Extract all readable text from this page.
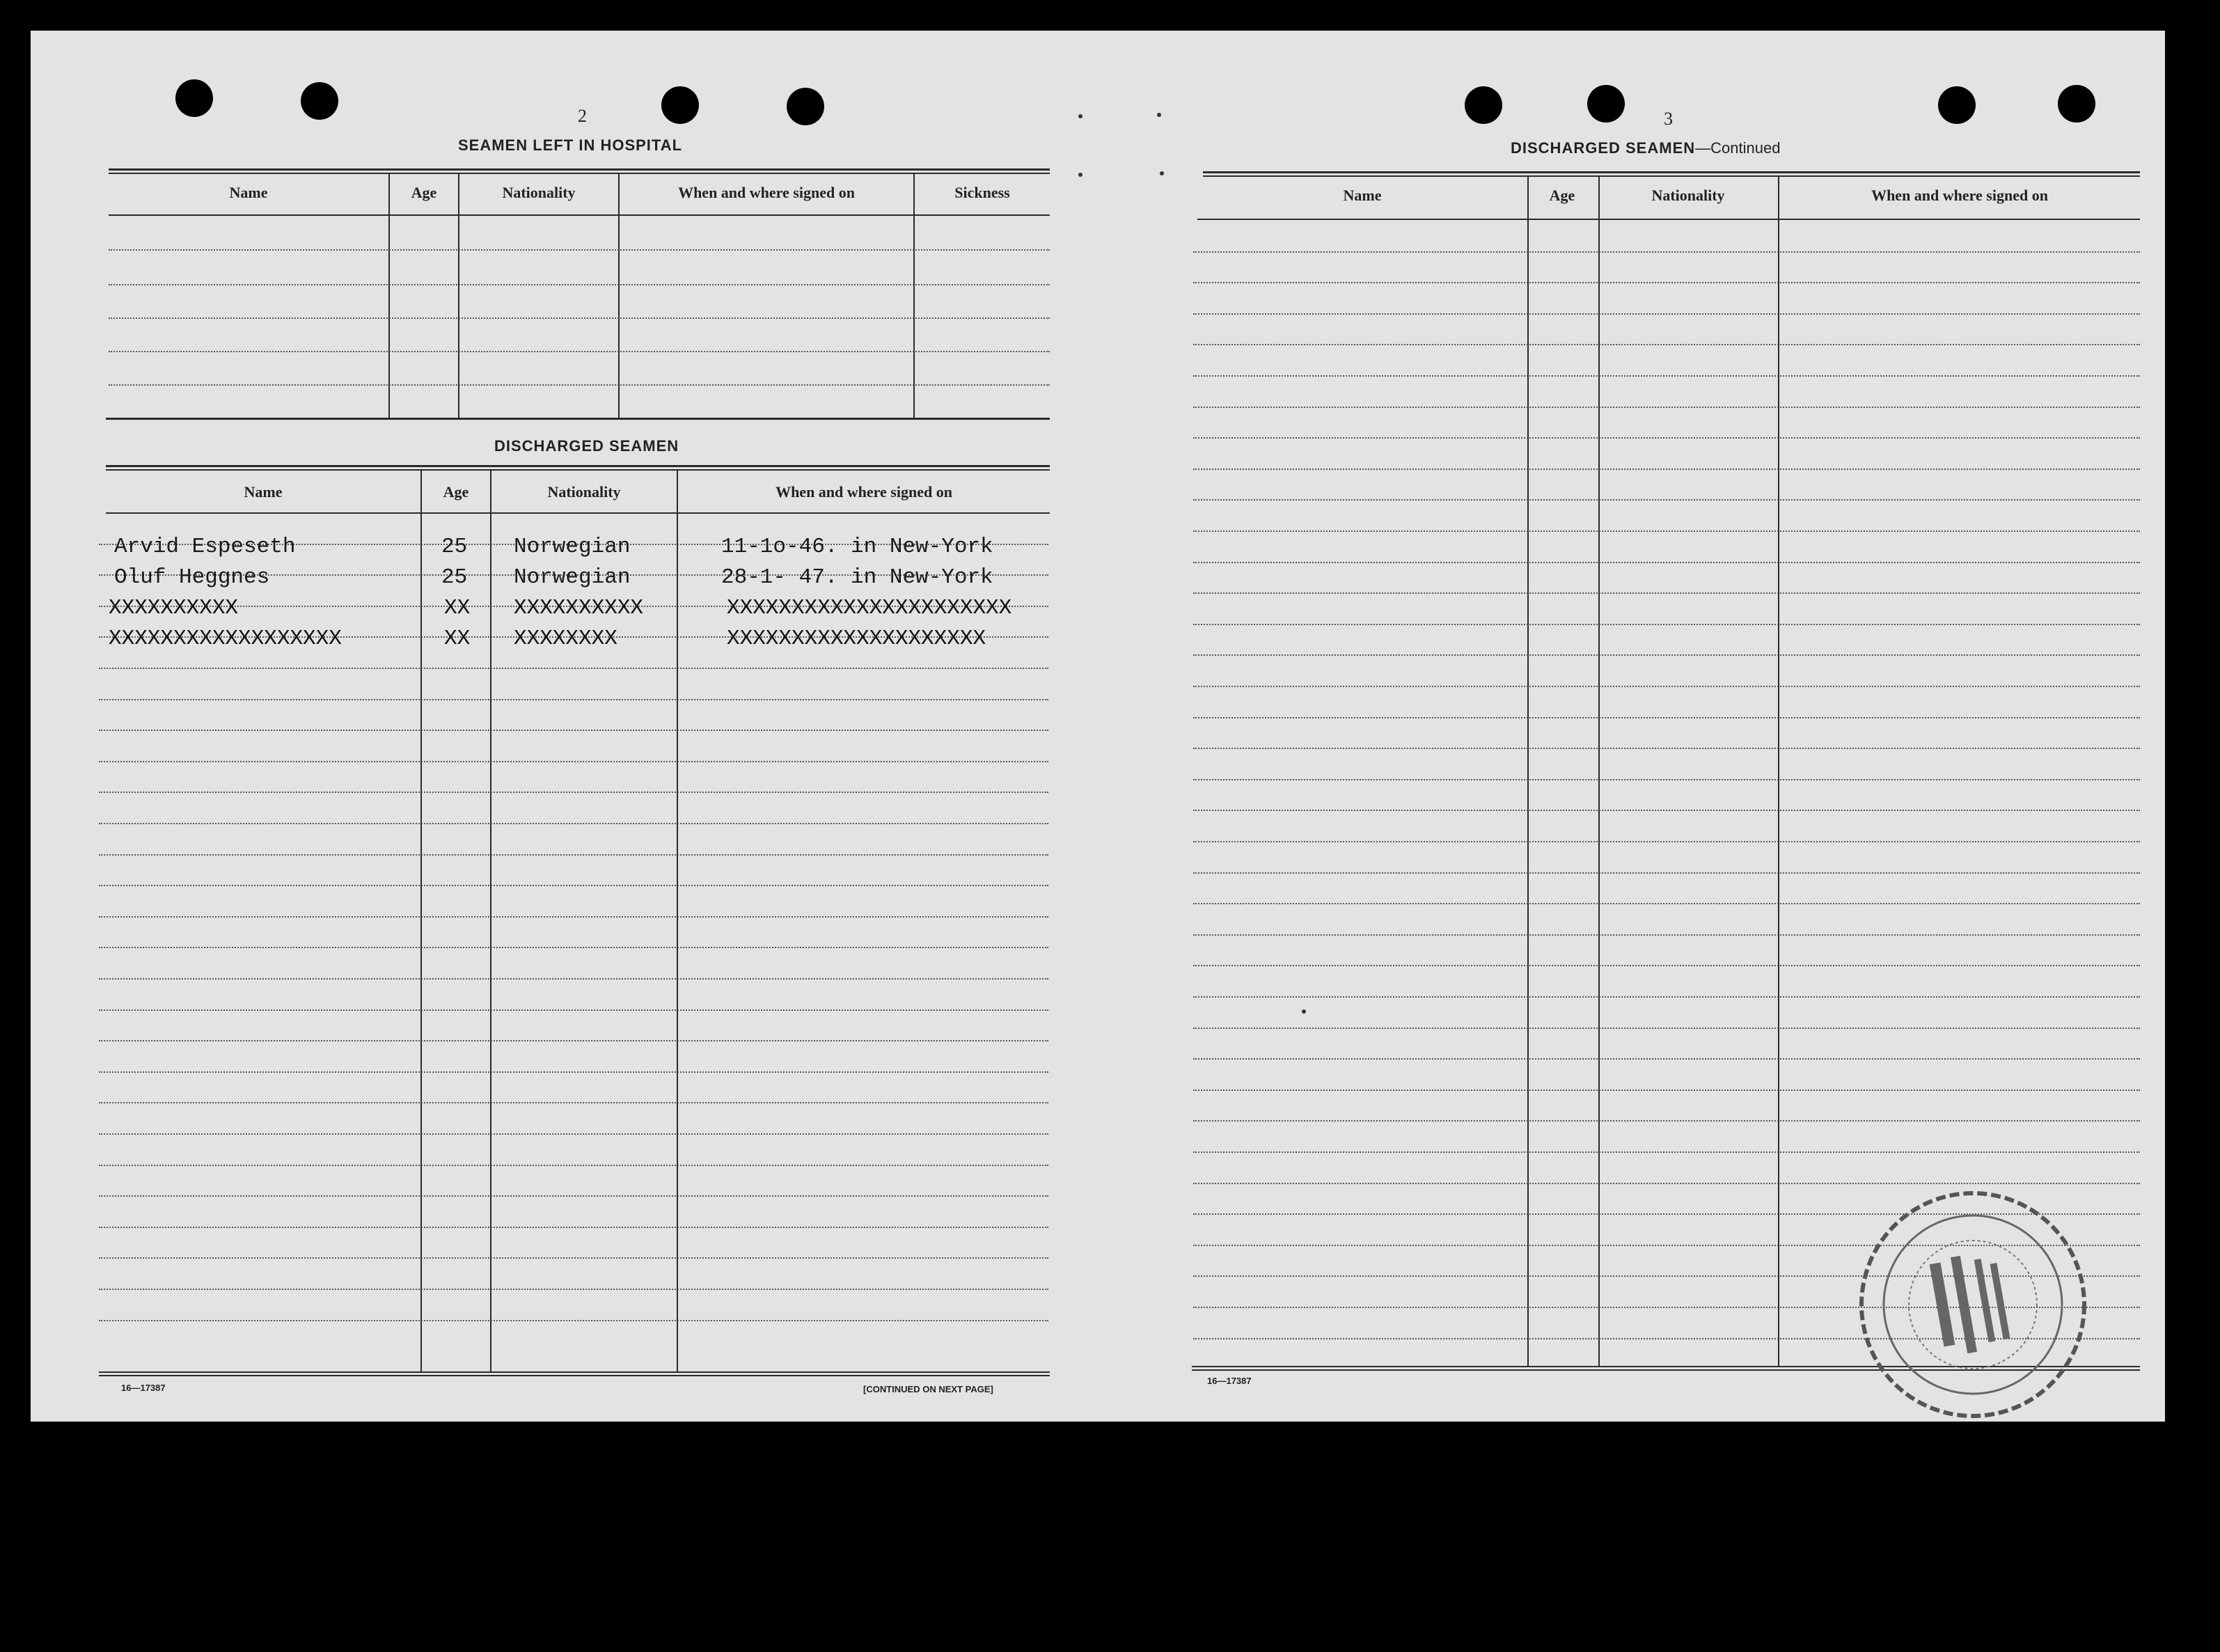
2
SEAMEN LEFT IN HOSPITAL
Name	Age	Nationality	When and where signed on	Sickness
DISCHARGED SEAMEN
Name	Age	Nationality	When and where signed on
Arvid Espeseth	25 Norwegian	11-1o-46. in New-York
Oluf Heggnes	25 Norwegian	28-1- 47. in New-York
XXXXXXXXXX	XX XXXXXXXXXX	XXXXXXXXXXXXXXXXXXXXXX
XXXXXXXXXXXXXXXXXX	XX XXXXXXXX	XXXXXXXXXXXXXXXXXXXX
16—17387	[CONTINUED ON NEXT PAGE]
3
DISCHARGED SEAMEN—Continued
Name	Age	Nationality	When and where signed on
16—17387
